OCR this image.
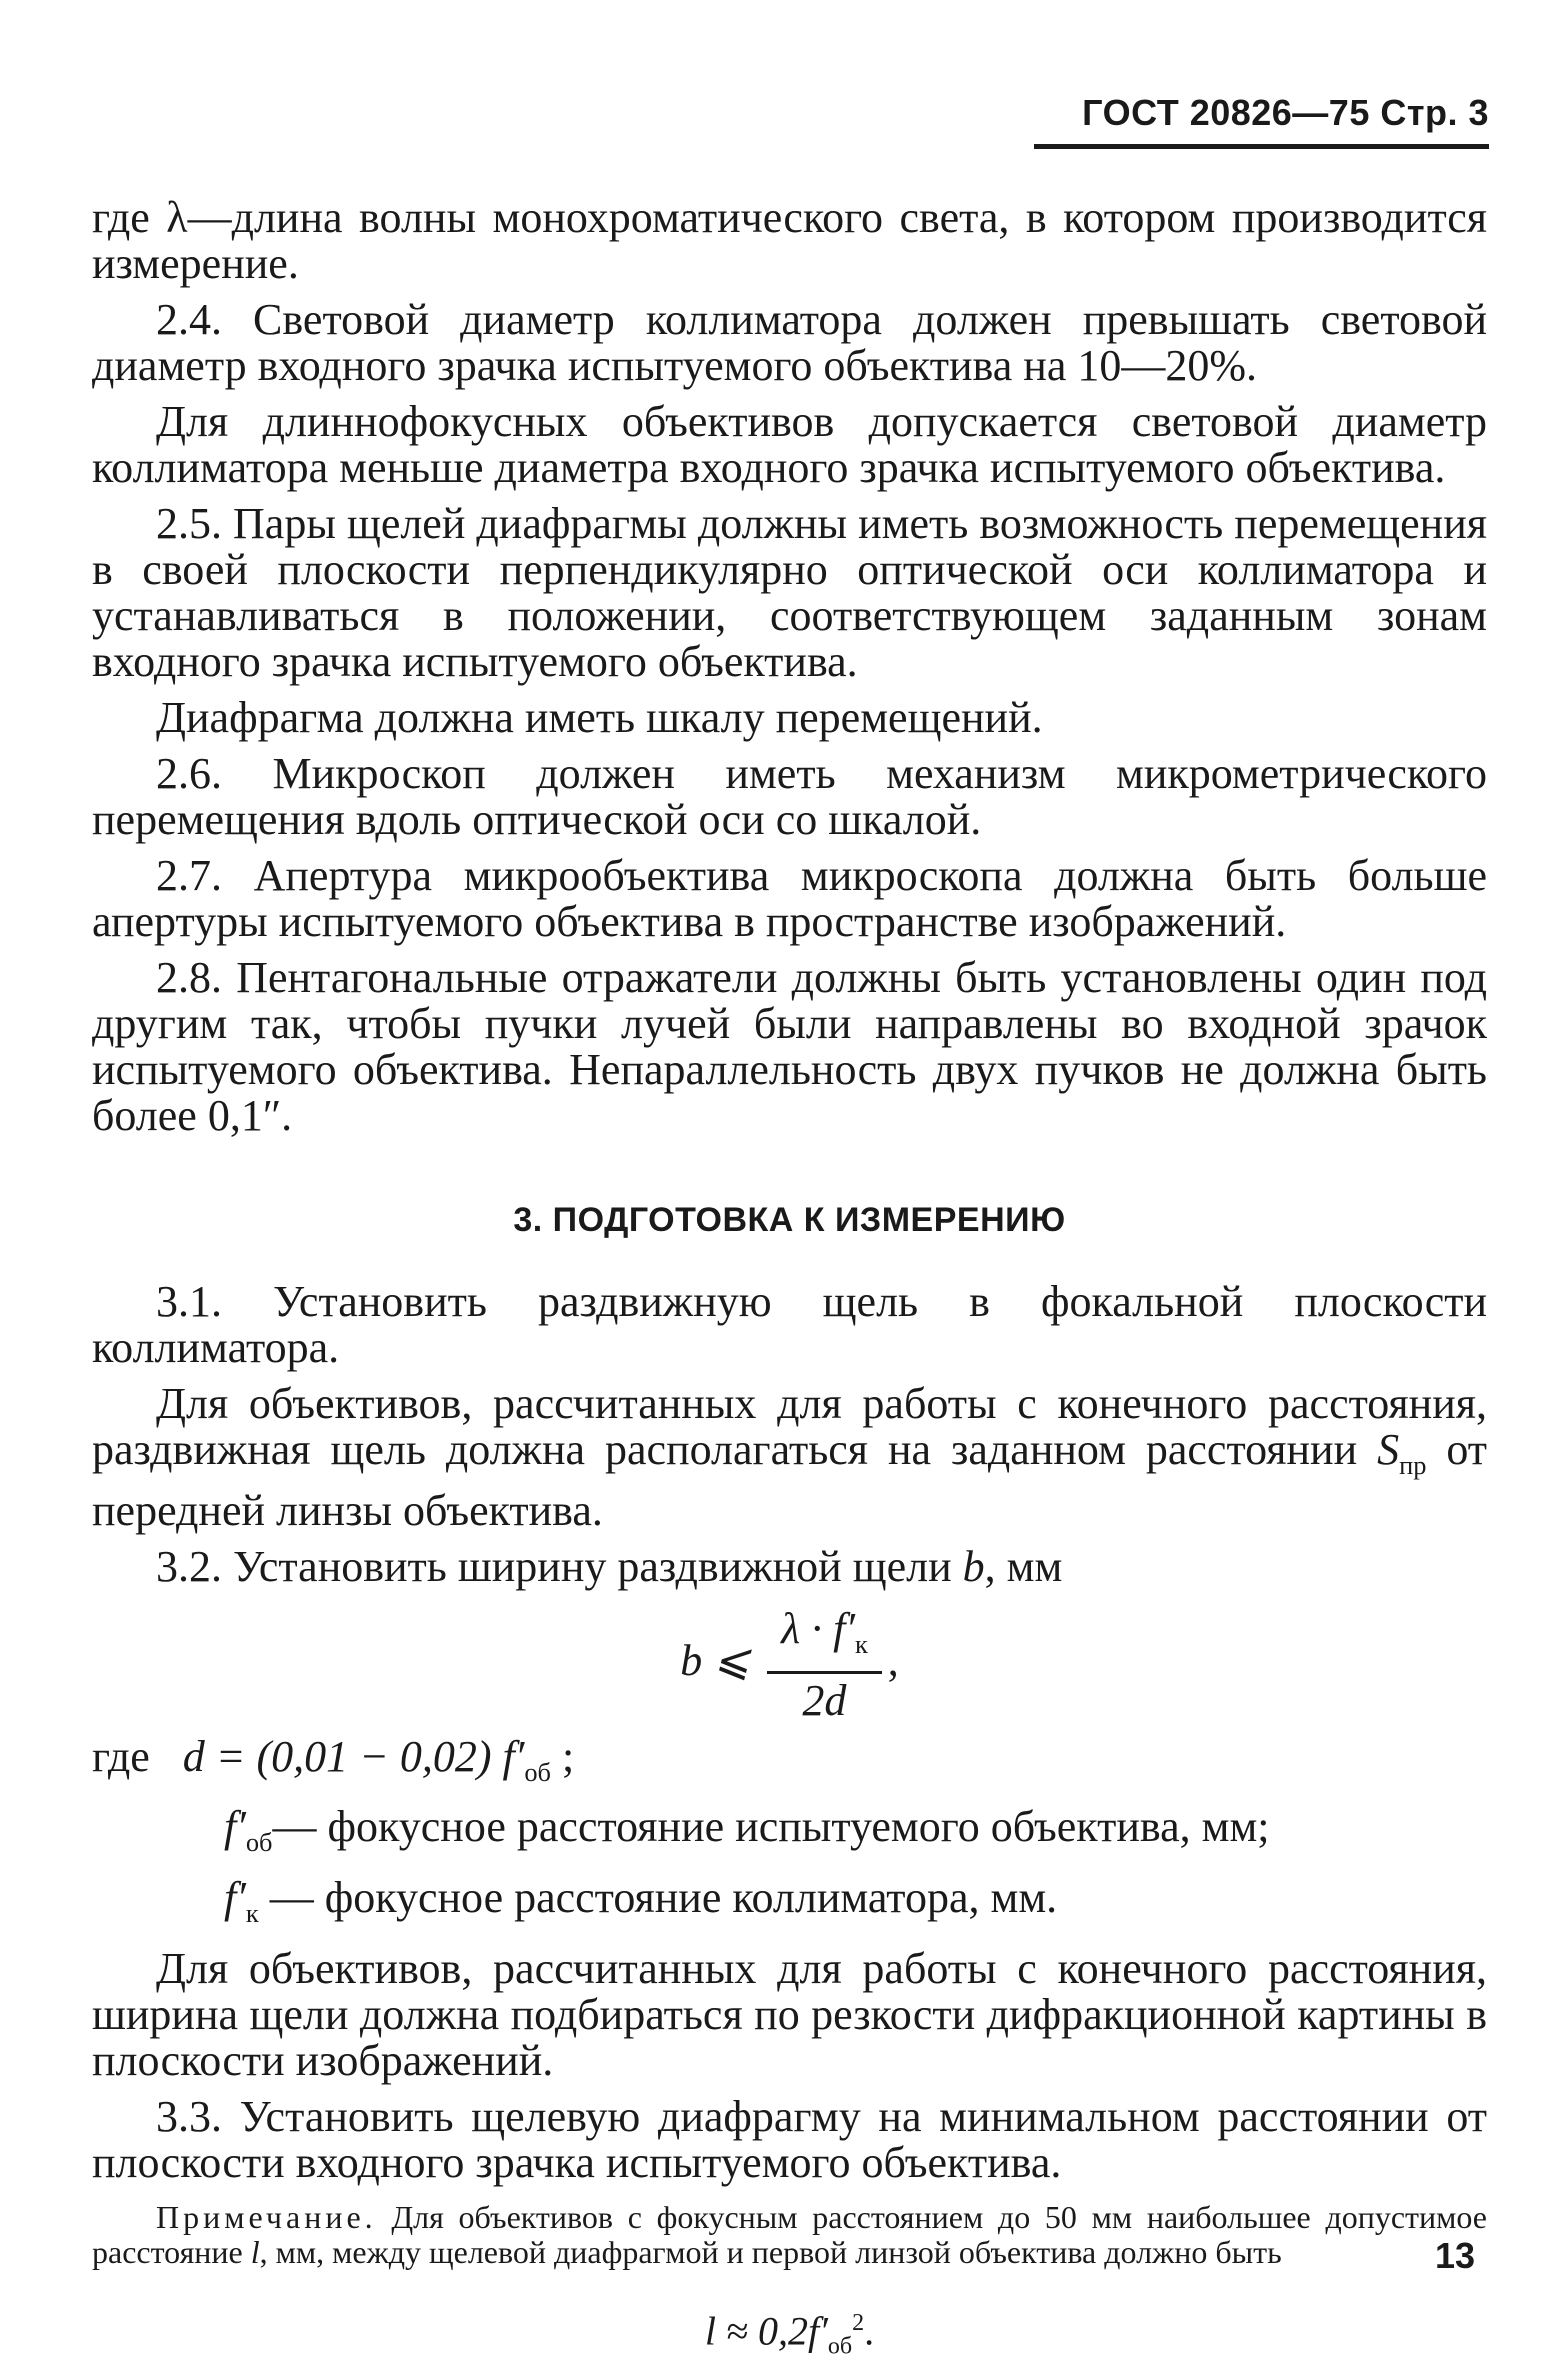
ГОСТ 20826—75 Стр. 3

где λ—длина волны монохроматического света, в котором производится измерение.

2.4. Световой диаметр коллиматора должен превышать световой диаметр входного зрачка испытуемого объектива на 10—20%.

Для длиннофокусных объективов допускается световой диаметр коллиматора меньше диаметра входного зрачка испытуемого объектива.

2.5. Пары щелей диафрагмы должны иметь возможность перемещения в своей плоскости перпендикулярно оптической оси коллиматора и устанавливаться в положении, соответствующем заданным зонам входного зрачка испытуемого объектива.

Диафрагма должна иметь шкалу перемещений.

2.6. Микроскоп должен иметь механизм микрометрического перемещения вдоль оптической оси со шкалой.

2.7. Апертура микрообъектива микроскопа должна быть больше апертуры испытуемого объектива в пространстве изображений.

2.8. Пентагональные отражатели должны быть установлены один под другим так, чтобы пучки лучей были направлены во входной зрачок испытуемого объектива. Непараллельность двух пучков не должна быть более 0,1″.

3. ПОДГОТОВКА К ИЗМЕРЕНИЮ

3.1. Установить раздвижную щель в фокальной плоскости коллиматора.

Для объективов, рассчитанных для работы с конечного расстояния, раздвижная щель должна располагаться на заданном расстоянии $S_{пр}$ от передней линзы объектива.

3.2. Установить ширину раздвижной щели b, мм

b ⩽ $\frac{\lambda \cdot f'_к}{2d}$ ,

где d = (0,01 − 0,02) $f'_{об}$ ;

$f'_{об}—$ фокусное расстояние испытуемого объектива, мм;

$f'_к$ — фокусное расстояние коллиматора, мм.

Для объективов, рассчитанных для работы с конечного расстояния, ширина щели должна подбираться по резкости дифракционной картины в плоскости изображений.

3.3. Установить щелевую диафрагму на минимальном расстоянии от плоскости входного зрачка испытуемого объектива.

Примечание. Для объективов с фокусным расстоянием до 50 мм наибольшее допустимое расстояние l, мм, между щелевой диафрагмой и первой линзой объектива должно быть

$l \approx 0,2f'_{об}^2$.
13
